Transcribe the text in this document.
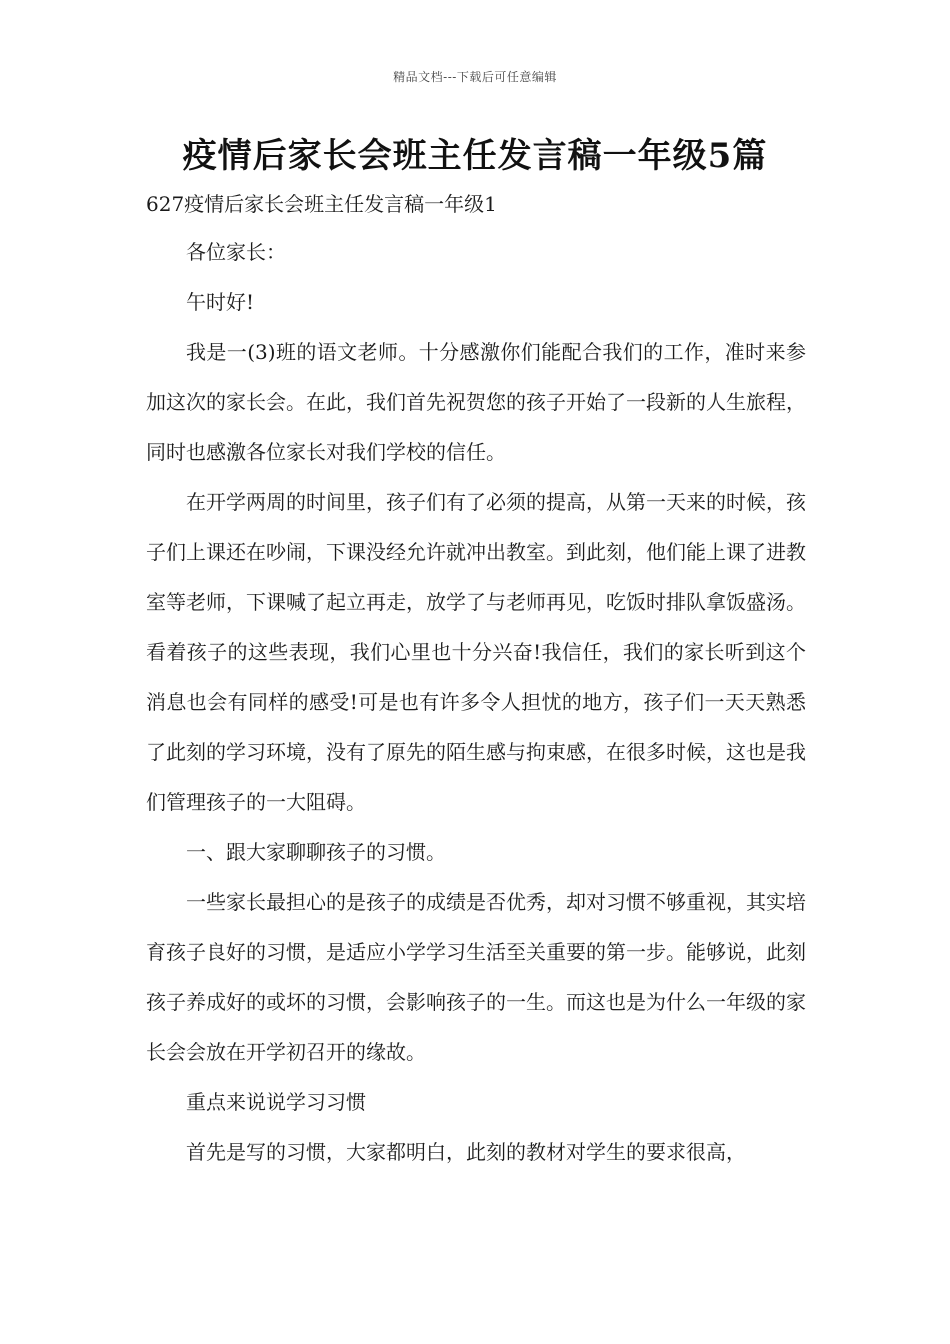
精品文档---下载后可任意编辑
疫情后家长会班主任发言稿一年级5篇
627疫情后家长会班主任发言稿一年级1

各位家长：

午时好!

我是一(3)班的语文老师。十分感激你们能配合我们的工作，准时来参加这次的家长会。在此，我们首先祝贺您的孩子开始了一段新的人生旅程，同时也感激各位家长对我们学校的信任。

在开学两周的时间里，孩子们有了必须的提高，从第一天来的时候，孩子们上课还在吵闹，下课没经允许就冲出教室。到此刻，他们能上课了进教室等老师，下课喊了起立再走，放学了与老师再见，吃饭时排队拿饭盛汤。看着孩子的这些表现，我们心里也十分兴奋!我信任，我们的家长听到这个消息也会有同样的感受!可是也有许多令人担忧的地方，孩子们一天天熟悉了此刻的学习环境，没有了原先的陌生感与拘束感，在很多时候，这也是我们管理孩子的一大阻碍。

一、跟大家聊聊孩子的习惯。

一些家长最担心的是孩子的成绩是否优秀，却对习惯不够重视，其实培育孩子良好的习惯，是适应小学学习生活至关重要的第一步。能够说，此刻孩子养成好的或坏的习惯，会影响孩子的一生。而这也是为什么一年级的家长会会放在开学初召开的缘故。

重点来说说学习习惯

首先是写的习惯，大家都明白，此刻的教材对学生的要求很高，
